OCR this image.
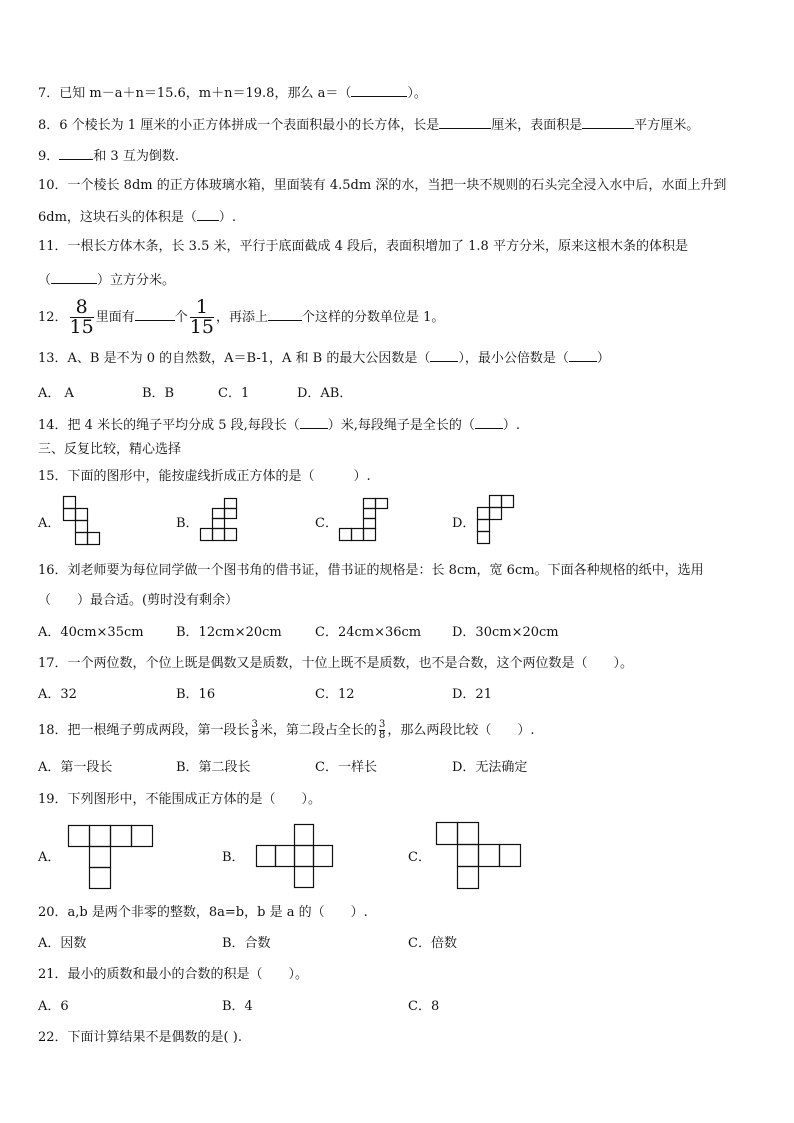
7．已知 m－a＋n＝15.6，m＋n＝19.8，那么 a＝（	）。
8．6 个棱长为 1 厘米的小正方体拼成一个表面积最小的长方体，长是	厘米，表面积是	平方厘米。
9．	和 3 互为倒数.
10．一个棱长 8dm 的正方体玻璃水箱，里面装有 4.5dm 深的水，当把一块不规则的石头完全浸入水中后，水面上升到
6dm，这块石头的体积是（ ）.
11．一根长方体木条，长 3.5 米，平行于底面截成 4 段后，表面积增加了 1.8 平方分米，原来这根木条的体积是
（	）立方分米。
12． $\frac{8}{15}$ 里面有	个 $\frac{1}{15}$ ，再添上	个这样的分数单位是 1。
13．A、B 是不为 0 的自然数，A＝B-1，A 和 B 的最大公因数是（ ），最小公倍数是（ ）
A． A	B．B	C．1	D．AB．
14．把 4 米长的绳子平均分成 5 段,每段长（ ）米,每段绳子是全长的（ ）.
三、反复比较，精心选择
15．下面的图形中，能按虚线折成正方体的是（　　　）.
A．	B．	C．	D．
16．刘老师要为每位同学做一个图书角的借书证，借书证的规格是：长 8cm，宽 6cm。下面各种规格的纸中，选用
（　　）最合适。(剪时没有剩余）
A．40cm×35cm B．12cm×20cm	C．24cm×36cm D．30cm×20cm
17．一个两位数，个位上既是偶数又是质数，十位上既不是质数，也不是合数，这个两位数是（　　）。
A．32	B．16	C．12	D．21
18．把一根绳子剪成两段，第一段长 $\frac{3}{8}$ 米，第二段占全长的 $\frac{3}{8}$ ，那么两段比较（　　）.
A．第一段长	B．第二段长	C．一样长	D．无法确定
19．下列图形中，不能围成正方体的是（　　）。
A．	B．	C．
20．a,b 是两个非零的整数，8a=b，b 是 a 的（　　）.
A．因数	B．合数	C．倍数
21．最小的质数和最小的合数的积是（　　）。
A．6	B．4	C．8
22．下面计算结果不是偶数的是( ).
